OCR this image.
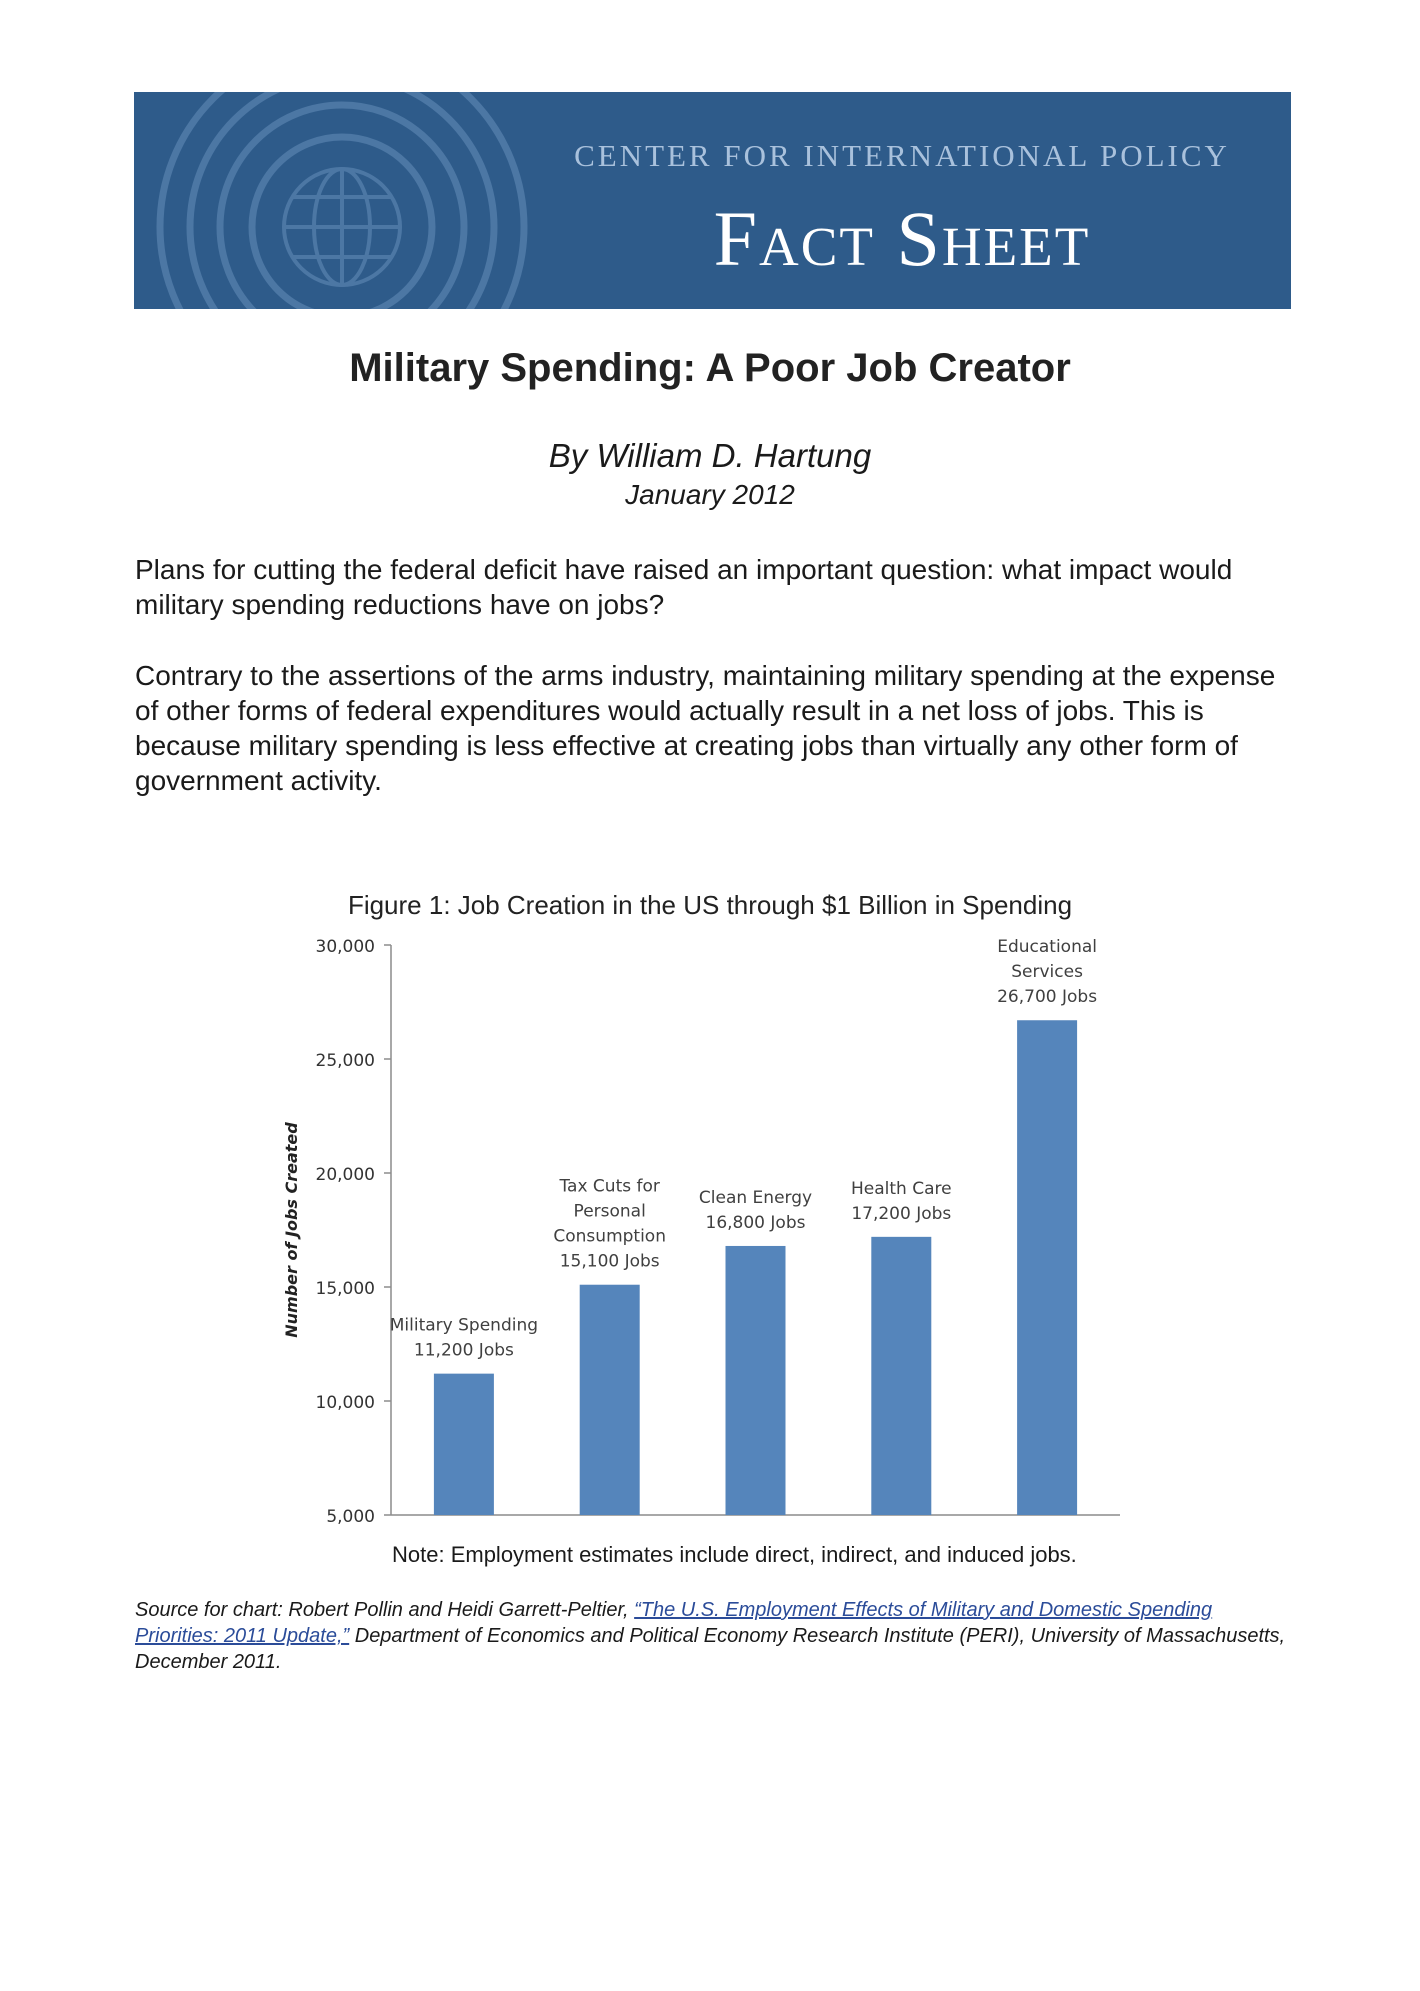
CENTER FOR INTERNATIONAL POLICY
Fact Sheet
Military Spending: A Poor Job Creator
By William D. Hartung
January 2012

Plans for cutting the federal deficit have raised an important question: what impact would military spending reductions have on jobs?

Contrary to the assertions of the arms industry, maintaining military spending at the expense of other forms of federal expenditures would actually result in a net loss of jobs. This is because military spending is less effective at creating jobs than virtually any other form of government activity.

Figure 1: Job Creation in the US through $1 Billion in Spending
5,000
10,000
15,000
20,000
25,000
30,000
Number of Jobs Created	Military Spending
11,200 Jobs
Tax Cuts for
Personal
Consumption
15,100 Jobs
Clean Energy
16,800 Jobs
Health Care
17,200 Jobs
Educational
Services
26,700 Jobs
Note: Employment estimates include direct, indirect, and induced jobs.

Source for chart: Robert Pollin and Heidi Garrett-Peltier, “The U.S. Employment Effects of Military and Domestic Spending Priorities: 2011 Update,” Department of Economics and Political Economy Research Institute (PERI), University of Massachusetts, December 2011.
